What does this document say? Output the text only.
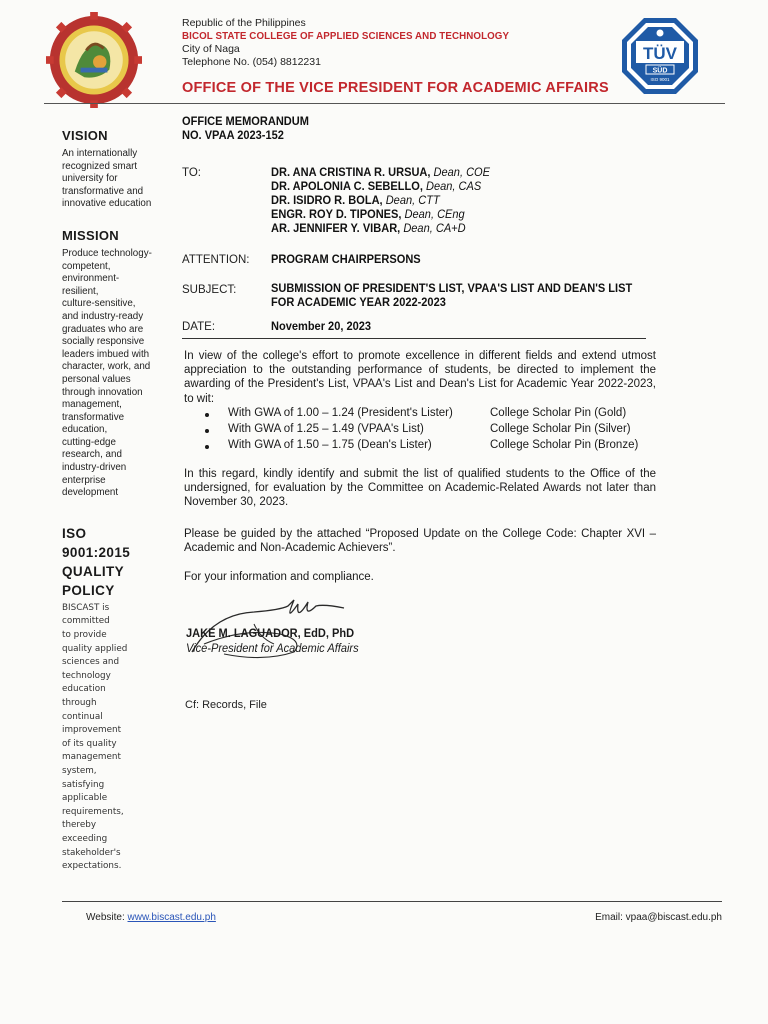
Republic of the Philippines
BICOL STATE COLLEGE OF APPLIED SCIENCES AND TECHNOLOGY
City of Naga
Telephone No. (054) 8812231
OFFICE OF THE VICE PRESIDENT FOR ACADEMIC AFFAIRS
TÜV
SÜD
ISO 9001
VISION
An internationally
recognized smart
university for
transformative and
innovative education
MISSION
Produce technology-
competent,
environment-
resilient,
culture-sensitive,
and industry-ready
graduates who are
socially responsive
leaders imbued with
character, work, and
personal values
through innovation
management,
transformative
education,
cutting-edge
research, and
industry-driven
enterprise
development
ISO
9001:2015
QUALITY
POLICY
BISCAST is
committed
to provide
quality applied
sciences and
technology
education
through
continual
improvement
of its quality
management
system,
satisfying
applicable
requirements,
thereby
exceeding
stakeholder's
expectations.
OFFICE MEMORANDUM
NO. VPAA 2023-152
TO:	DR. ANA CRISTINA R. URSUA, Dean, COE
DR. APOLONIA C. SEBELLO, Dean, CAS
DR. ISIDRO R. BOLA, Dean, CTT
ENGR. ROY D. TIPONES, Dean, CEng
AR. JENNIFER Y. VIBAR, Dean, CA+D
ATTENTION: PROGRAM CHAIRPERSONS
SUBJECT:	SUBMISSION OF PRESIDENT'S LIST, VPAA'S LIST AND DEAN'S LIST
FOR ACADEMIC YEAR 2022-2023
DATE:	November 20, 2023
In view of the college's effort to promote excellence in different fields and extend utmost appreciation to the outstanding performance of students, be directed to implement the awarding of the President's List, VPAA's List and Dean's List for Academic Year 2022-2023, to wit:
With GWA of 1.00 – 1.24 (President's Lister)	College Scholar Pin (Gold)
With GWA of 1.25 – 1.49 (VPAA's List)	College Scholar Pin (Silver)
With GWA of 1.50 – 1.75 (Dean's Lister)	College Scholar Pin (Bronze)
In this regard, kindly identify and submit the list of qualified students to the Office of the undersigned, for evaluation by the Committee on Academic-Related Awards not later than November 30, 2023.
Please be guided by the attached “Proposed Update on the College Code: Chapter XVI – Academic and Non-Academic Achievers”.
For your information and compliance.
JAKE M. LAGUADOR, EdD, PhD
Vice-President for Academic Affairs
Cf: Records, File
Website: www.biscast.edu.ph	Email: vpaa@biscast.edu.ph
